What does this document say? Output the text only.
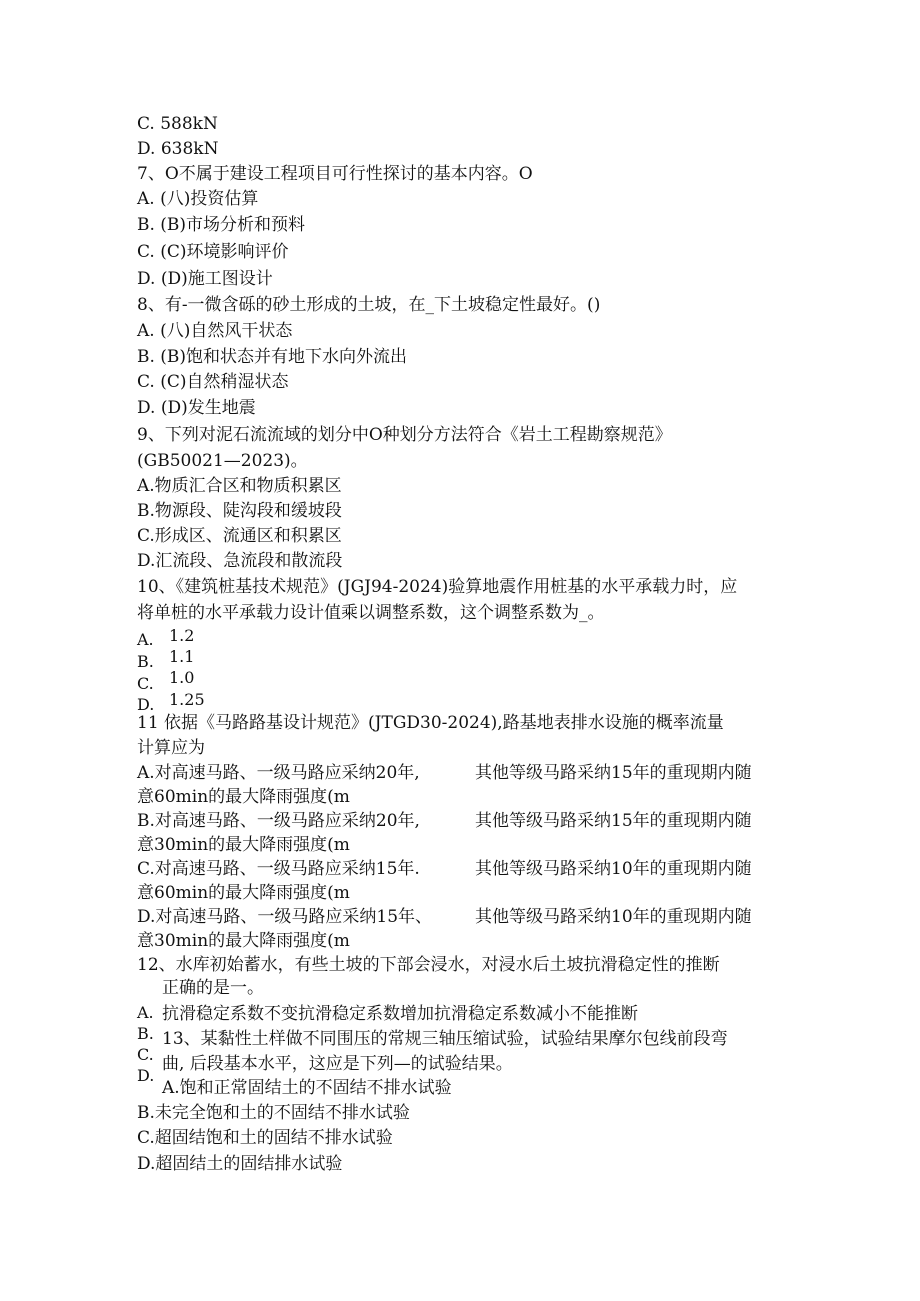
C. 588kN
D. 638kN
7、O不属于建设工程项目可行性探讨的基本内容。O
A. (八)投资估算
B. (B)市场分析和预料
C. (C)环境影响评价
D. (D)施工图设计
8、有-一微含砾的砂土形成的土坡，在_下土坡稳定性最好。()
A. (八)自然风干状态
B. (B)饱和状态并有地下水向外流出
C. (C)自然稍湿状态
D. (D)发生地震
9、下列对泥石流流域的划分中O种划分方法符合《岩土工程勘察规范》
(GB50021—2023)。
A.物质汇合区和物质积累区
B.物源段、陡沟段和缓坡段
C.形成区、流通区和积累区
D.汇流段、急流段和散流段
10、《建筑桩基技术规范》(JGJ94-2024)验算地震作用桩基的水平承载力时，应
将单桩的水平承载力设计值乘以调整系数，这个调整系数为_。
A.
B.
C.
D.
1.2
1.1
1.0
1.25
11 依据《马路路基设计规范》(JTGD30-2024),路基地表排水设施的概率流量
计算应为
A.对高速马路、一级马路应采纳20年,	其他等级马路采纳15年的重现期内随
意60min的最大降雨强度(m
B.对高速马路、一级马路应采纳20年,	其他等级马路采纳15年的重现期内随
意30min的最大降雨强度(m
C.对高速马路、一级马路应采纳15年.	其他等级马路采纳10年的重现期内随
意60min的最大降雨强度(m
D.对高速马路、一级马路应采纳15年、	其他等级马路采纳10年的重现期内随
意30min的最大降雨强度(m
12、水库初始蓄水，有些土坡的下部会浸水，对浸水后土坡抗滑稳定性的推断
正确的是一。
A.
B.
C.
D.
抗滑稳定系数不变抗滑稳定系数增加抗滑稳定系数减小不能推断
13、某黏性土样做不同围压的常规三轴压缩试验，试验结果摩尔包线前段弯
曲, 后段基本水平，这应是下列—的试验结果。
A.饱和正常固结土的不固结不排水试验
B.未完全饱和土的不固结不排水试验
C.超固结饱和土的固结不排水试验
D.超固结土的固结排水试验
